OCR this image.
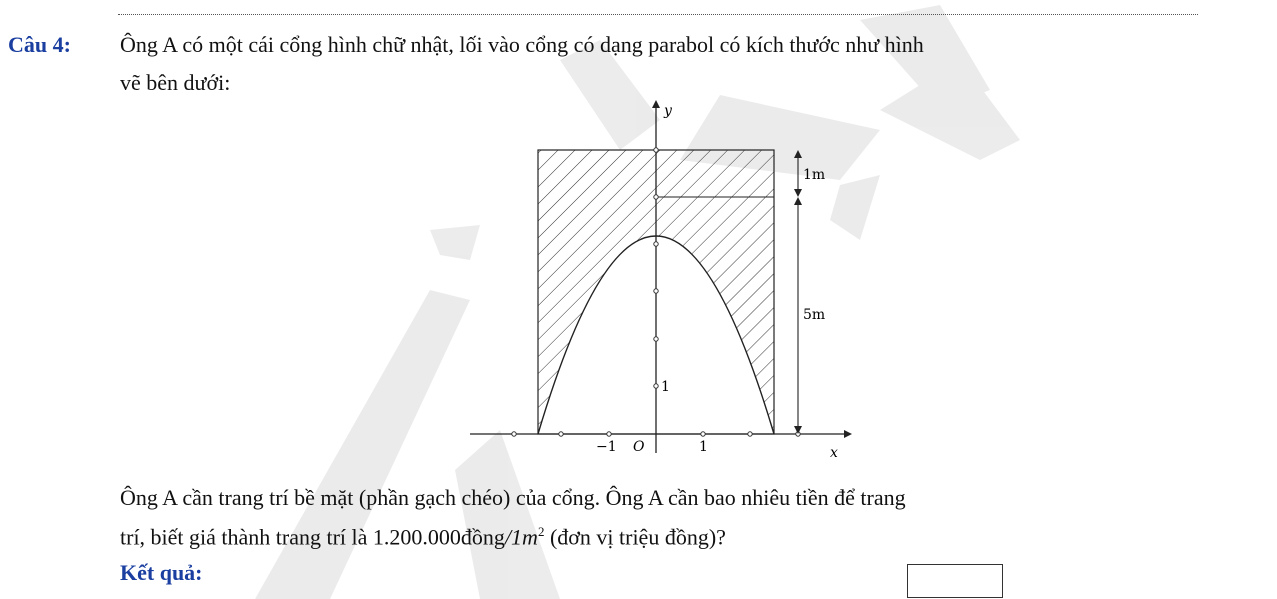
Câu 4: Ông A có một cái cổng hình chữ nhật, lối vào cổng có dạng parabol có kích thước như hình
vẽ bên dưới:
y
x
O
−1	1
1
1m
5m
Ông A cần trang trí bề mặt (phần gạch chéo) của cổng. Ông A cần bao nhiêu tiền để trang
trí, biết giá thành trang trí là $1.200.000đồng/1m^2$ (đơn vị triệu đồng)?
Kết quả:
